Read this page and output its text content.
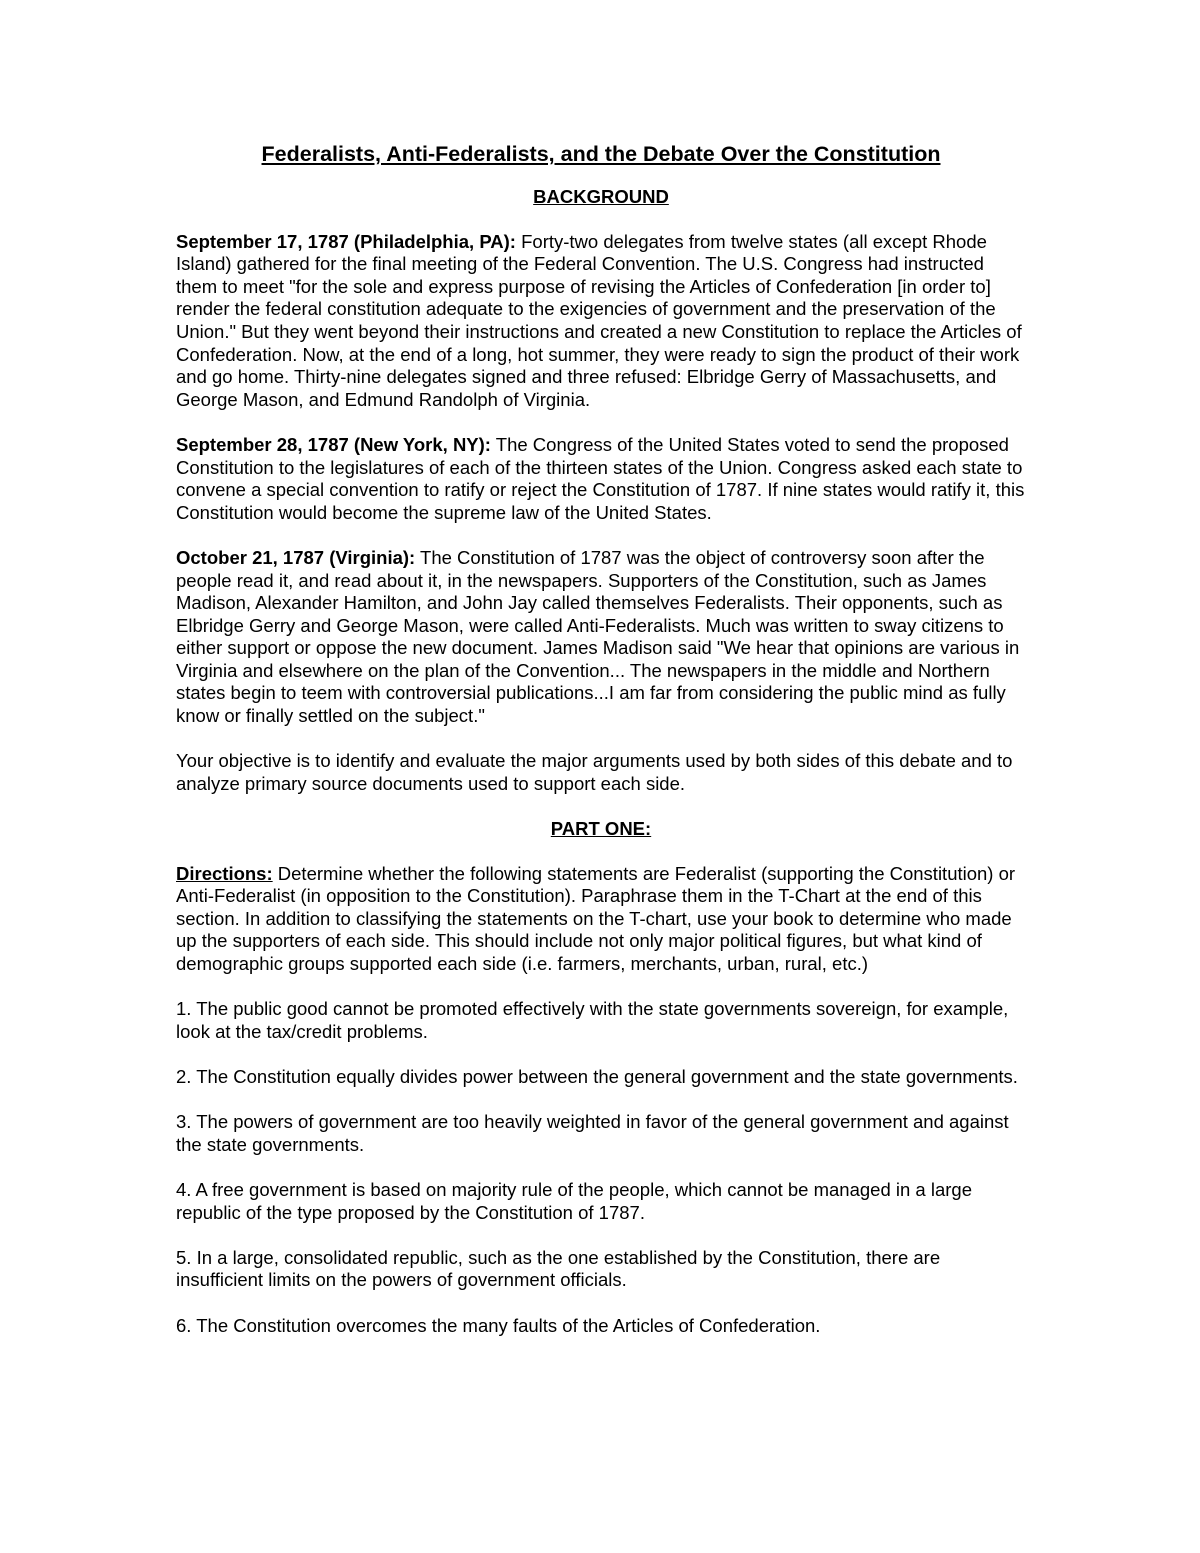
Federalists, Anti-Federalists, and the Debate Over the Constitution
BACKGROUND

September 17, 1787 (Philadelphia, PA): Forty-two delegates from twelve states (all except Rhode Island) gathered for the final meeting of the Federal Convention. The U.S. Congress had instructed them to meet "for the sole and express purpose of revising the Articles of Confederation [in order to] render the federal constitution adequate to the exigencies of government and the preservation of the Union." But they went beyond their instructions and created a new Constitution to replace the Articles of Confederation. Now, at the end of a long, hot summer, they were ready to sign the product of their work and go home. Thirty-nine delegates signed and three refused: Elbridge Gerry of Massachusetts, and George Mason, and Edmund Randolph of Virginia.

September 28, 1787 (New York, NY): The Congress of the United States voted to send the proposed Constitution to the legislatures of each of the thirteen states of the Union. Congress asked each state to convene a special convention to ratify or reject the Constitution of 1787. If nine states would ratify it, this Constitution would become the supreme law of the United States.

October 21, 1787 (Virginia): The Constitution of 1787 was the object of controversy soon after the people read it, and read about it, in the newspapers. Supporters of the Constitution, such as James Madison, Alexander Hamilton, and John Jay called themselves Federalists. Their opponents, such as Elbridge Gerry and George Mason, were called Anti-Federalists. Much was written to sway citizens to either support or oppose the new document. James Madison said "We hear that opinions are various in Virginia and elsewhere on the plan of the Convention... The newspapers in the middle and Northern states begin to teem with controversial publications...I am far from considering the public mind as fully know or finally settled on the subject."

Your objective is to identify and evaluate the major arguments used by both sides of this debate and to analyze primary source documents used to support each side.

PART ONE:

Directions: Determine whether the following statements are Federalist (supporting the Constitution) or Anti-Federalist (in opposition to the Constitution). Paraphrase them in the T-Chart at the end of this section. In addition to classifying the statements on the T-chart, use your book to determine who made up the supporters of each side. This should include not only major political figures, but what kind of demographic groups supported each side (i.e. farmers, merchants, urban, rural, etc.)

1. The public good cannot be promoted effectively with the state governments sovereign, for example, look at the tax/credit problems.

2. The Constitution equally divides power between the general government and the state governments.

3. The powers of government are too heavily weighted in favor of the general government and against the state governments.

4. A free government is based on majority rule of the people, which cannot be managed in a large republic of the type proposed by the Constitution of 1787.

5. In a large, consolidated republic, such as the one established by the Constitution, there are insufficient limits on the powers of government officials.

6. The Constitution overcomes the many faults of the Articles of Confederation.
